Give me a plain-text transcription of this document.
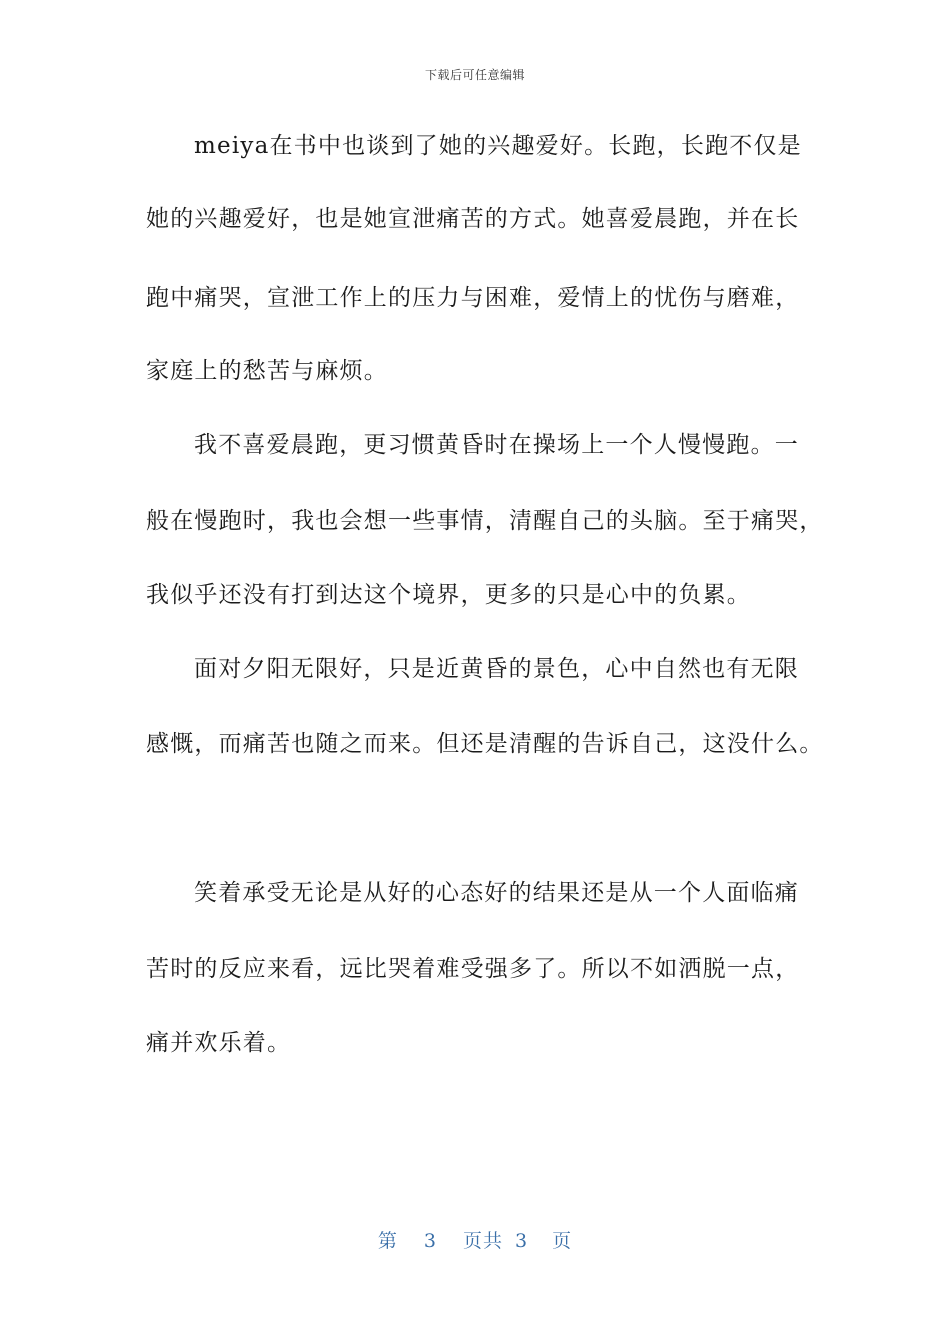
下载后可任意编辑
meiya在书中也谈到了她的兴趣爱好。长跑，长跑不仅是
她的兴趣爱好，也是她宣泄痛苦的方式。她喜爱晨跑，并在长
跑中痛哭，宣泄工作上的压力与困难，爱情上的忧伤与磨难，
家庭上的愁苦与麻烦。
我不喜爱晨跑，更习惯黄昏时在操场上一个人慢慢跑。一
般在慢跑时，我也会想一些事情，清醒自己的头脑。至于痛哭，
我似乎还没有打到达这个境界，更多的只是心中的负累。
面对夕阳无限好，只是近黄昏的景色，心中自然也有无限
感慨，而痛苦也随之而来。但还是清醒的告诉自己，这没什么。
笑着承受无论是从好的心态好的结果还是从一个人面临痛
苦时的反应来看，远比哭着难受强多了。所以不如洒脱一点，
痛并欢乐着。
第 3 页共 3 页
